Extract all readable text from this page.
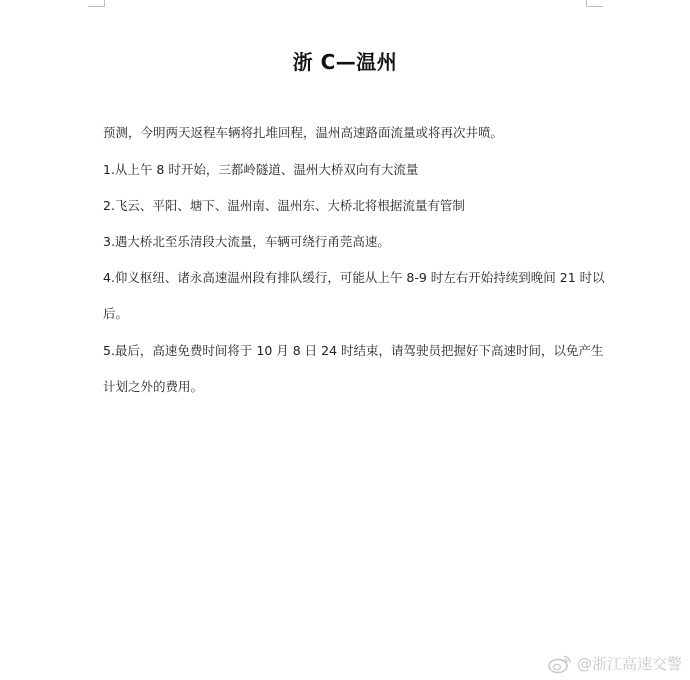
浙 C—温州
预测，今明两天返程车辆将扎堆回程，温州高速路面流量或将再次井喷。
1.从上午 8 时开始，三都岭隧道、温州大桥双向有大流量
2.飞云、平阳、塘下、温州南、温州东、大桥北将根据流量有管制
3.遇大桥北至乐清段大流量，车辆可绕行甬莞高速。
4.仰义枢纽、诸永高速温州段有排队缓行，可能从上午 8-9 时左右开始持续到晚间 21 时以
后。
5.最后，高速免费时间将于 10 月 8 日 24 时结束，请驾驶员把握好下高速时间，以免产生
计划之外的费用。
@浙江高速交警
